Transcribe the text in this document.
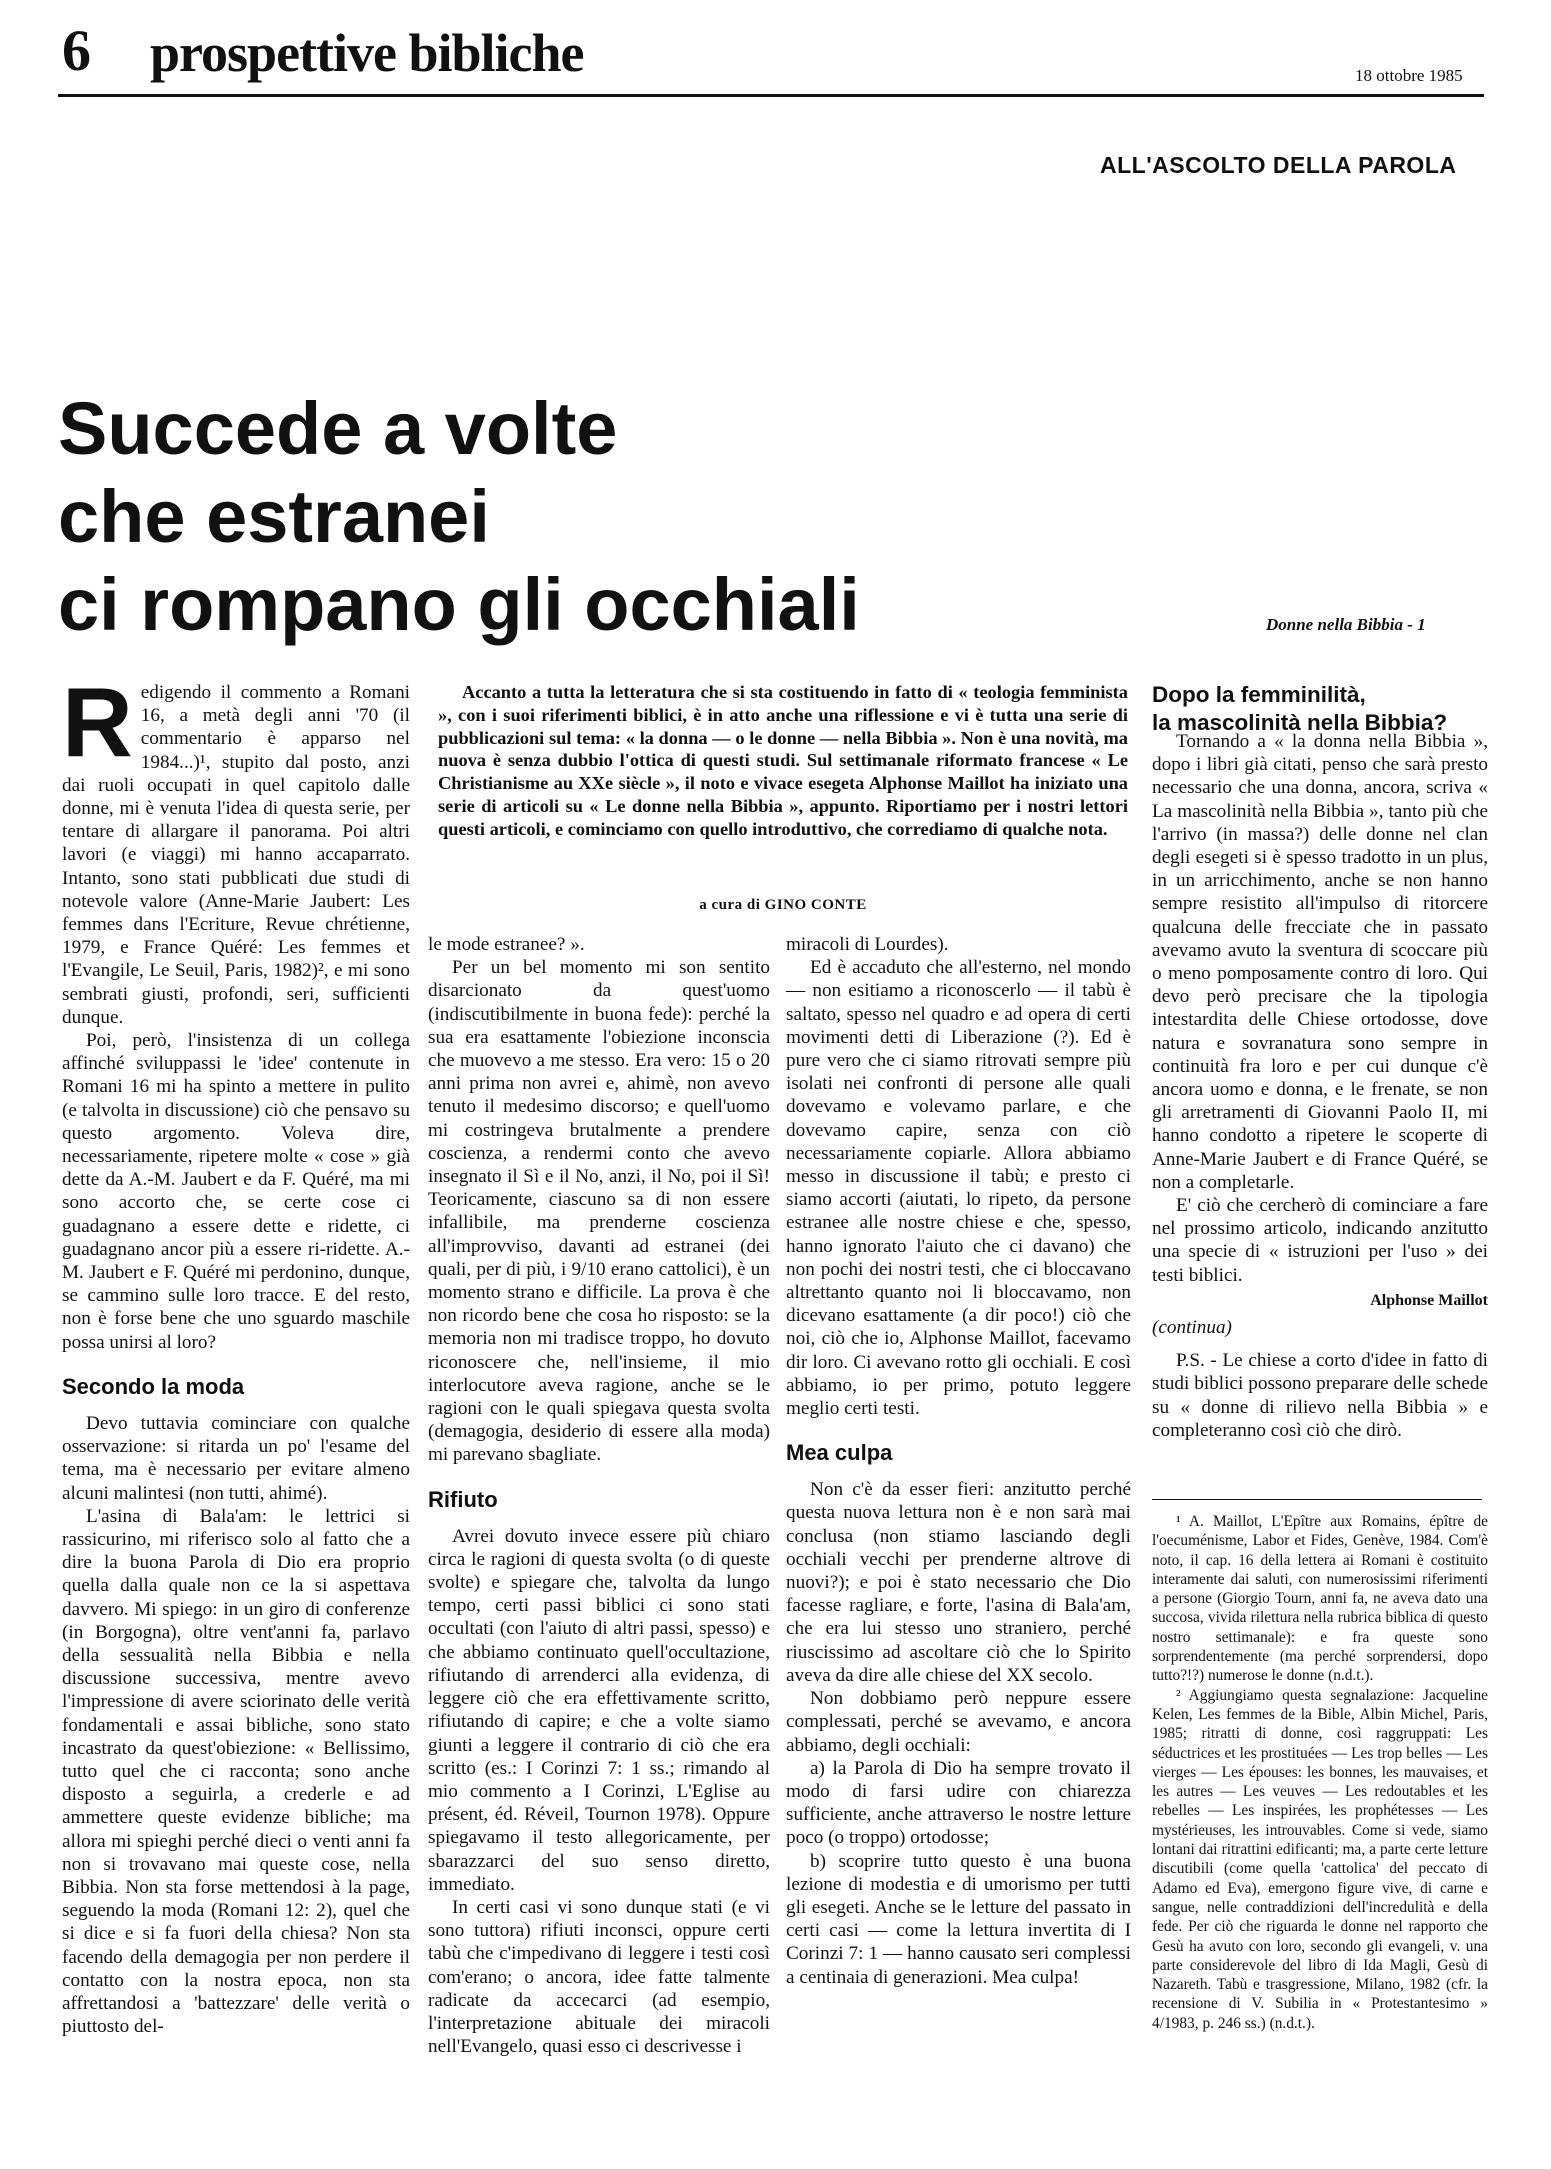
6 prospettive bibliche	18 ottobre 1985
ALL'ASCOLTO DELLA PAROLA
Succede a volte
che estranei
ci rompano gli occhiali	Donne nella Bibbia - 1

Redigendo il commento a Romani 16, a metà degli anni '70 (il commentario è apparso nel 1984...)¹, stupito dal posto, anzi dai ruoli occupati in quel capitolo dalle donne, mi è venuta l'idea di questa serie, per tentare di allargare il panorama. Poi altri lavori (e viaggi) mi hanno accaparrato. Intanto, sono stati pubblicati due studi di notevole valore (Anne-Marie Jaubert: Les femmes dans l'Ecriture, Revue chrétienne, 1979, e France Quéré: Les femmes et l'Evangile, Le Seuil, Paris, 1982)², e mi sono sembrati giusti, profondi, seri, sufficienti dunque.

Poi, però, l'insistenza di un collega affinché sviluppassi le 'idee' contenute in Romani 16 mi ha spinto a mettere in pulito (e talvolta in discussione) ciò che pensavo su questo argomento. Voleva dire, necessariamente, ripetere molte « cose » già dette da A.-M. Jaubert e da F. Quéré, ma mi sono accorto che, se certe cose ci guadagnano a essere dette e ridette, ci guadagnano ancor più a essere ri-ridette. A.-M. Jaubert e F. Quéré mi perdonino, dunque, se cammino sulle loro tracce. E del resto, non è forse bene che uno sguardo maschile possa unirsi al loro?

Secondo la moda

Devo tuttavia cominciare con qualche osservazione: si ritarda un po' l'esame del tema, ma è necessario per evitare almeno alcuni malintesi (non tutti, ahimé).

L'asina di Bala'am: le lettrici si rassicurino, mi riferisco solo al fatto che a dire la buona Parola di Dio era proprio quella dalla quale non ce la si aspettava davvero. Mi spiego: in un giro di conferenze (in Borgogna), oltre vent'anni fa, parlavo della sessualità nella Bibbia e nella discussione successiva, mentre avevo l'impressione di avere sciorinato delle verità fondamentali e assai bibliche, sono stato incastrato da quest'obiezione: « Bellissimo, tutto quel che ci racconta; sono anche disposto a seguirla, a crederle e ad ammettere queste evidenze bibliche; ma allora mi spieghi perché dieci o venti anni fa non si trovavano mai queste cose, nella Bibbia. Non sta forse mettendosi à la page, seguendo la moda (Romani 12: 2), quel che si dice e si fa fuori della chiesa? Non sta facendo della demagogia per non perdere il contatto con la nostra epoca, non sta affrettandosi a 'battezzare' delle verità o piuttosto del-

Accanto a tutta la letteratura che si sta costituendo in fatto di « teologia femminista », con i suoi riferimenti biblici, è in atto anche una riflessione e vi è tutta una serie di pubblicazioni sul tema: « la donna — o le donne — nella Bibbia ». Non è una novità, ma nuova è senza dubbio l'ottica di questi studi. Sul settimanale riformato francese « Le Christianisme au XXe siècle », il noto e vivace esegeta Alphonse Maillot ha iniziato una serie di articoli su « Le donne nella Bibbia », appunto. Riportiamo per i nostri lettori questi articoli, e cominciamo con quello introduttivo, che corrediamo di qualche nota.
a cura di GINO CONTE

le mode estranee? ».

Per un bel momento mi son sentito disarcionato da quest'uomo (indiscutibilmente in buona fede): perché la sua era esattamente l'obiezione inconscia che muovevo a me stesso. Era vero: 15 o 20 anni prima non avrei e, ahimè, non avevo tenuto il medesimo discorso; e quell'uomo mi costringeva brutalmente a prendere coscienza, a rendermi conto che avevo insegnato il Sì e il No, anzi, il No, poi il Sì! Teoricamente, ciascuno sa di non essere infallibile, ma prenderne coscienza all'improvviso, davanti ad estranei (dei quali, per di più, i 9/10 erano cattolici), è un momento strano e difficile. La prova è che non ricordo bene che cosa ho risposto: se la memoria non mi tradisce troppo, ho dovuto riconoscere che, nell'insieme, il mio interlocutore aveva ragione, anche se le ragioni con le quali spiegava questa svolta (demagogia, desiderio di essere alla moda) mi parevano sbagliate.

Rifiuto

Avrei dovuto invece essere più chiaro circa le ragioni di questa svolta (o di queste svolte) e spiegare che, talvolta da lungo tempo, certi passi biblici ci sono stati occultati (con l'aiuto di altri passi, spesso) e che abbiamo continuato quell'occultazione, rifiutando di arrenderci alla evidenza, di leggere ciò che era effettivamente scritto, rifiutando di capire; e che a volte siamo giunti a leggere il contrario di ciò che era scritto (es.: I Corinzi 7: 1 ss.; rimando al mio commento a I Corinzi, L'Eglise au présent, éd. Réveil, Tournon 1978). Oppure spiegavamo il testo allegoricamente, per sbarazzarci del suo senso diretto, immediato.

In certi casi vi sono dunque stati (e vi sono tuttora) rifiuti inconsci, oppure certi tabù che c'impedivano di leggere i testi così com'erano; o ancora, idee fatte talmente radicate da accecarci (ad esempio, l'interpretazione abituale dei miracoli nell'Evangelo, quasi esso ci descrivesse i

miracoli di Lourdes).

Ed è accaduto che all'esterno, nel mondo — non esitiamo a riconoscerlo — il tabù è saltato, spesso nel quadro e ad opera di certi movimenti detti di Liberazione (?). Ed è pure vero che ci siamo ritrovati sempre più isolati nei confronti di persone alle quali dovevamo e volevamo parlare, e che dovevamo capire, senza con ciò necessariamente copiarle. Allora abbiamo messo in discussione il tabù; e presto ci siamo accorti (aiutati, lo ripeto, da persone estranee alle nostre chiese e che, spesso, hanno ignorato l'aiuto che ci davano) che non pochi dei nostri testi, che ci bloccavano altrettanto quanto noi li bloccavamo, non dicevano esattamente (a dir poco!) ciò che noi, ciò che io, Alphonse Maillot, facevamo dir loro. Ci avevano rotto gli occhiali. E così abbiamo, io per primo, potuto leggere meglio certi testi.

Mea culpa

Non c'è da esser fieri: anzitutto perché questa nuova lettura non è e non sarà mai conclusa (non stiamo lasciando degli occhiali vecchi per prenderne altrove di nuovi?); e poi è stato necessario che Dio facesse ragliare, e forte, l'asina di Bala'am, che era lui stesso uno straniero, perché riuscissimo ad ascoltare ciò che lo Spirito aveva da dire alle chiese del XX secolo.

Non dobbiamo però neppure essere complessati, perché se avevamo, e ancora abbiamo, degli occhiali:

a) la Parola di Dio ha sempre trovato il modo di farsi udire con chiarezza sufficiente, anche attraverso le nostre letture poco (o troppo) ortodosse;

b) scoprire tutto questo è una buona lezione di modestia e di umorismo per tutti gli esegeti. Anche se le letture del passato in certi casi — come la lettura invertita di I Corinzi 7: 1 — hanno causato seri complessi a centinaia di generazioni. Mea culpa!

Dopo la femminilità,
la mascolinità nella Bibbia?

Tornando a « la donna nella Bibbia », dopo i libri già citati, penso che sarà presto necessario che una donna, ancora, scriva « La mascolinità nella Bibbia », tanto più che l'arrivo (in massa?) delle donne nel clan degli esegeti si è spesso tradotto in un plus, in un arricchimento, anche se non hanno sempre resistito all'impulso di ritorcere qualcuna delle frecciate che in passato avevamo avuto la sventura di scoccare più o meno pomposamente contro di loro. Qui devo però precisare che la tipologia intestardita delle Chiese ortodosse, dove natura e sovranatura sono sempre in continuità fra loro e per cui dunque c'è ancora uomo e donna, e le frenate, se non gli arretramenti di Giovanni Paolo II, mi hanno condotto a ripetere le scoperte di Anne-Marie Jaubert e di France Quéré, se non a completarle.

E' ciò che cercherò di cominciare a fare nel prossimo articolo, indicando anzitutto una specie di « istruzioni per l'uso » dei testi biblici.

Alphonse Maillot
(continua)

P.S. - Le chiese a corto d'idee in fatto di studi biblici possono preparare delle schede su « donne di rilievo nella Bibbia » e completeranno così ciò che dirò.

¹ A. Maillot, L'Epître aux Romains, épître de l'oecuménisme, Labor et Fides, Genève, 1984. Com'è noto, il cap. 16 della lettera ai Romani è costituito interamente dai saluti, con numerosissimi riferimenti a persone (Giorgio Tourn, anni fa, ne aveva dato una succosa, vivida rilettura nella rubrica biblica di questo nostro settimanale): e fra queste sono sorprendentemente (ma perché sorprendersi, dopo tutto?!?) numerose le donne (n.d.t.).

² Aggiungiamo questa segnalazione: Jacqueline Kelen, Les femmes de la Bible, Albin Michel, Paris, 1985; ritratti di donne, così raggruppati: Les séductrices et les prostituées — Les trop belles — Les vierges — Les épouses: les bonnes, les mauvaises, et les autres — Les veuves — Les redoutables et les rebelles — Les inspirées, les prophétesses — Les mystérieuses, les introuvables. Come si vede, siamo lontani dai ritrattini edificanti; ma, a parte certe letture discutibili (come quella 'cattolica' del peccato di Adamo ed Eva), emergono figure vive, di carne e sangue, nelle contraddizioni dell'incredulità e della fede. Per ciò che riguarda le donne nel rapporto che Gesù ha avuto con loro, secondo gli evangeli, v. una parte considerevole del libro di Ida Magli, Gesù di Nazareth. Tabù e trasgressione, Milano, 1982 (cfr. la recensione di V. Subilia in « Protestantesimo » 4/1983, p. 246 ss.) (n.d.t.).
